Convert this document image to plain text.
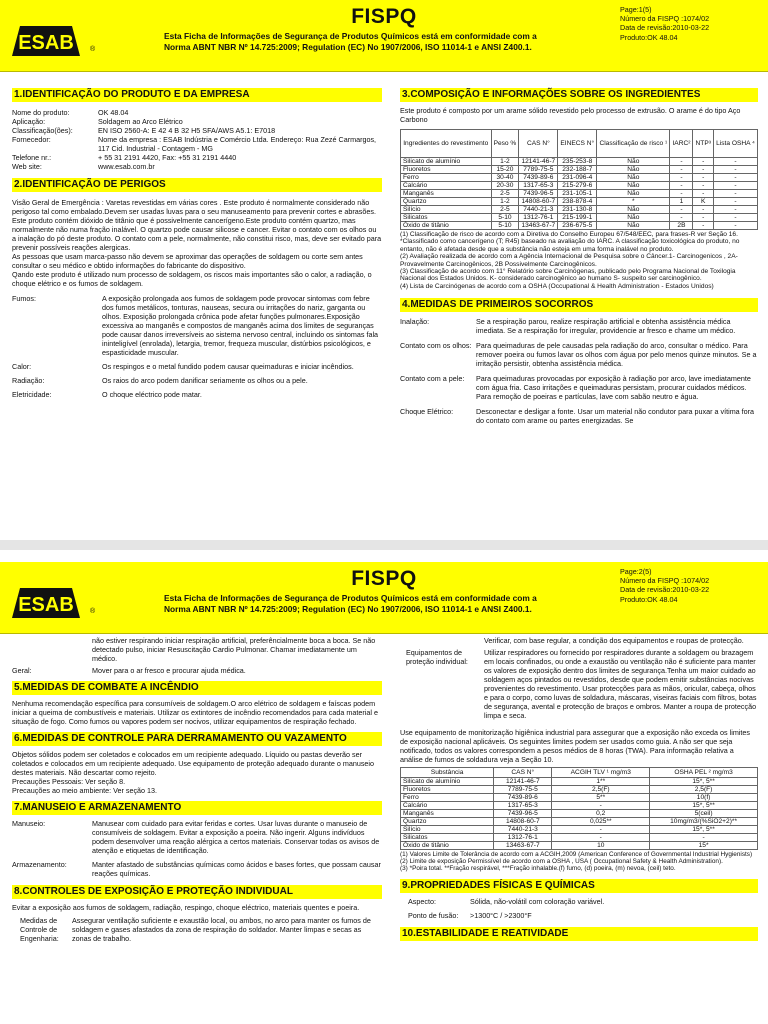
ESAB ®
FISPQ
Esta Ficha de Informações de Segurança de Produtos Químicos está em conformidade com a
Norma ABNT NBR Nº 14.725:2009; Regulation (EC) No 1907/2006, ISO 11014-1 e ANSI Z400.1.
Page:1(5)
Número da FISPQ :1074/02
Data de revisão:2010-03-22
Produto:OK 48.04
1.IDENTIFICAÇÃO DO PRODUTO E DA EMPRESA
Nome do produto:	OK 48.04
Aplicação:	Soldagem ao Arco Elétrico
Classificação(ões):	EN ISO 2560-A: E 42 4 B 32 H5 SFA/AWS A5.1: E7018
Fornecedor:	Nome da empresa : ESAB Indústria e Comércio Ltda. Endereço: Rua Zezé Carmargos, 117 Cid. Industrial - Contagem - MG
Telefone nr.:	+ 55 31 2191 4420, Fax: +55 31 2191 4440
Web site:	www.esab.com.br
2.IDENTIFICAÇÃO DE PERIGOS

Visão Geral de Emergência : Varetas revestidas em várias cores . Este produto é normalmente considerado não perigoso tal como embalado.Devem ser usadas luvas para o seu manuseamento para prevenir cortes e abrasões.

Este produto contém dióxido de titânio que é possivelmente cancerígeno.Este produto contém quartzo, mas normalmente não numa fração inalável. O quartzo pode causar silicose e cancer. Evitar o contato com os olhos ou a inalação do pó deste produto. O contato com a pele, normalmente, não constitui risco, mas, deve ser evitado para prevenir possíveis reações alergicas.

As pessoas que usam marca-passo não devem se aproximar das operações de soldagem ou corte sem antes consultar o seu médico e obtido informações do fabricante do dispositivo.

Qando este produto é utilizado num processo de soldagem, os riscos mais importantes são o calor, a radiação, o choque elétrico e os fumos de soldagem.

Fumos:	A exposição prolongada aos fumos de soldagem pode provocar sintomas com febre dos fumos metálicos, tonturas, nauseas, secura ou irritações do nariz, garganta ou olhos. Exposição prolongada crônica pode afetar funções pulmonares.Exposição excessiva ao manganês e compostos de manganês acima dos limites de seguranças pode causar danos irreversíveis ao sistema nervoso central, incluindo os sintomas fala ininteligível (enrolada), letargia, tremor, frequeza muscular, distúrbios psicológicos, e espasticidade muscular.
Calor:	Os respingos e o metal fundido podem causar queimaduras e iniciar incêndios.
Radiação:	Os raios do arco podem danificar seriamente os olhos ou a pele.
Eletricidade:	O choque eléctrico pode matar.
3.COMPOSIÇÃO E INFORMAÇÕES SOBRE OS INGREDIENTES

Este produto é composto por um arame sólido revestido pelo processo de extrusão. O arame é do tipo Aço Carbono

Ingredientes do revestimento	Peso %	CAS N°	EINECS N°	Classificação de risco ¹	IARC²	NTP³	Lista OSHA ⁴
Silicato de alumínio	1-2	12141-46-7	235-253-8	Não	-	-	-
Fluoretos	15-20	7789-75-5	232-188-7	Não	-	-	-
Ferro	30-40	7439-89-6	231-096-4	Não	-	-	-
Calcário	20-30	1317-65-3	215-279-6	Não	-	-	-
Manganês	2-5	7439-96-5	231-105-1	Não	-	-	-
Quartzo	1-2	14808-60-7	238-878-4	*	1	K	-
Silício	2-5	7440-21-3	231-130-8	Não	-	-	-
Silicatos	5-10	1312-76-1	215-199-1	Não	-	-	-
Óxido de titânio	5-10	13463-67-7	236-675-5	Não	2B	-	-

(1) Classificação de risco de acordo com a Diretiva do Conselho Europeu 67/548/EEC, para frases-R ver Seção 16. *Classificado como cancerígeno (T; R45) baseado na avaliação do IARC. A classificação toxicológica do produto, no entanto, não é afetada desde que a substância não esteja em uma forma inalável no produto.

(2) Avaliação realizada de acordo com a Agência Internacional de Pesquisa sobre o Câncer.1- Carcinogenicos , 2A- Provavelmente Carcinogênicos, 2B Possivelmente Carcinogênicos.

(3) Classificação de acordo com 11° Relatório sobre Carcinógenas, publicado pelo Programa Nacional de Toxilogia Nacional dos Estados Unidos. K- considerado carcinogênico ao humano S- suspeito ser carcinogênico.

(4) Lista de Carcinógenas de acordo com a OSHA (Occupational & Health Administration - Estados Unidos)

4.MEDIDAS DE PRIMEIROS SOCORROS
Inalação:	Se a respiração parou, realize respiração artificial e obtenha assistência médica imediata. Se a respiração for irregular, providencie ar fresco e chame um médico.
Contato com os olhos: Para queimaduras de pele causadas pela radiação do arco, consultar o médico. Para remover poeira ou fumos lavar os olhos com água por pelo menos quinze minutos. Se a irritação persistir, obtenha assistência médica.
Contato com a pele:	Para queimaduras provocadas por exposição à radiação por arco, lave imediatamente com água fria. Caso irritações e queimaduras persistam, procurar cuidados médicos. Para remoção de poeiras e partículas, lave com sabão neutro e água.
Choque Elétrico:	Desconectar e desligar a fonte. Usar um material não condutor para puxar a vítima fora do contato com arame ou partes energizadas. Se
ESAB ®
FISPQ
Esta Ficha de Informações de Segurança de Produtos Químicos está em conformidade com a
Norma ABNT NBR Nº 14.725:2009; Regulation (EC) No 1907/2006, ISO 11014-1 e ANSI Z400.1.
Page:2(5)
Número da FISPQ :1074/02
Data de revisão:2010-03-22
Produto:OK 48.04

não estiver respirando iniciar respiração artificial, preferêncialmente boca a boca. Se não detectado pulso, iniciar Resuscitação Cardio Pulmonar. Chamar imediatamente um médico.

Geral:	Mover para o ar fresco e procurar ajuda médica.
5.MEDIDAS DE COMBATE A INCÊNDIO

Nenhuma recomendação específica para consumíveis de soldagem.O arco elétrico de soldagem e faíscas podem iniciar a queima de combustíveis e materiais. Utilizar os extintores de incêndio recomendados para cada material e situação de fogo. Como fumos ou vapores podem ser nocivos, utilizar equipamentos de respiração fechado.

6.MEDIDAS DE CONTROLE PARA DERRAMAMENTO OU VAZAMENTO

Objetos sólidos podem ser coletados e colocados em um recipiente adequado. Líquido ou pastas deverão ser coletados e colocados em um recipiente adequado. Use equipamento de proteção adequado durante o manuseio destes materiais. Não descartar como rejeito.

Precauções Pessoais: Ver seção 8.

Precauções ao meio ambiente: Ver seção 13.

7.MANUSEIO E ARMAZENAMENTO
Manuseio:	Manusear com cuidado para evitar feridas e cortes. Usar luvas durante o manuseio de consumíveis de soldagem. Evitar a exposição a poeira. Não ingerir. Alguns indivíduos podem desenvolver uma reação alérgica a certos materiais. Conservar todas os avisos de atenção e etiquetas de identificação.
Armazenamento:	Manter afastado de substâncias químicas como ácidos e bases fortes, que possam causar reações químicas.
8.CONTROLES DE EXPOSIÇÃO E PROTEÇÃO INDIVIDUAL

Evitar a exposição aos fumos de soldagem, radiação, respingo, choque eléctrico, materiais quentes e poeira.

Medidas de Controle de Engenharia:
Assegurar ventilação suficiente e exaustão local, ou ambos, no arco para manter os fumos de soldagem e gases afastados da zona de respiração do soldador. Manter limpas e secas as zonas de trabalho.

Verificar, com base regular, a condição dos equipamentos e roupas de protecção.

Equipamentos de proteção individual:
Utilizar respiradores ou fornecido por respiradores durante a soldagem ou brazagem em locais confinados, ou onde a exaustão ou ventilação não é suficiente para manter os valores de exposição dentro dos limites de segurança.Tenha um maior cuidado ao soldagem aços pintados ou revestidos, desde que podem emitir substâncias nocivas provenientes do revestimento. Usar protecções para as mãos, oricular, cabeça, olhos e para o corpo, como luvas de soldadura, máscaras, viseiras faciais com filtros, botas de segurança, avental e protecção de braços e ombros. Manter a roupa de protecção limpa e seca.

Use equipamento de monitorização higiênica industrial para assegurar que a exposição não exceda os limites de exposição nacional aplicáveis. Os seguintes limites podem ser usados como guia. A não ser que seja notificado, todos os valores correspondem a pesos médios de 8 horas (TWA). Para informação relativa a análise de fumos de soldadura veja a Seção 10.

Substância	CAS N°	ACGIH TLV ¹ mg/m3	OSHA PEL ² mg/m3
Silicato de alumínio	12141-46-7	1**	15*, 5**
Fluoretos	7789-75-5	2,5(F)	2,5(F)
Ferro	7439-89-6	5**	10(f)
Calcário	1317-65-3	-	15*, 5**
Manganês	7439-96-5	0,2	5(ceil)
Quartzo	14808-60-7	0,025**	10mg/m3/(%SiO2+2)**
Silício	7440-21-3	-	15*, 5**
Silicatos	1312-76-1	-	-
Óxido de titânio	13463-67-7	10	15*

(1) Valores Limite de Tolerância de acordo com a ACGIH,2009 (American Conference of Governmental Industrial Hygienists)

(2) Limite de exposição Permissível de acordo com a OSHA , USA ( Occupational Safety & Health Administration).

(3) *Poira total. **Fração respirável, ***Fração inhalable.(f) fumo, (d) poeira, (m) nevoa, (ceil) teto.

9.PROPRIEDADES FÍSICAS E QUÍMICAS
Aspecto:	Sólida, não-volátil com coloração variável.
Ponto de fusão:	>1300°C / >2300°F
10.ESTABILIDADE E REATIVIDADE
